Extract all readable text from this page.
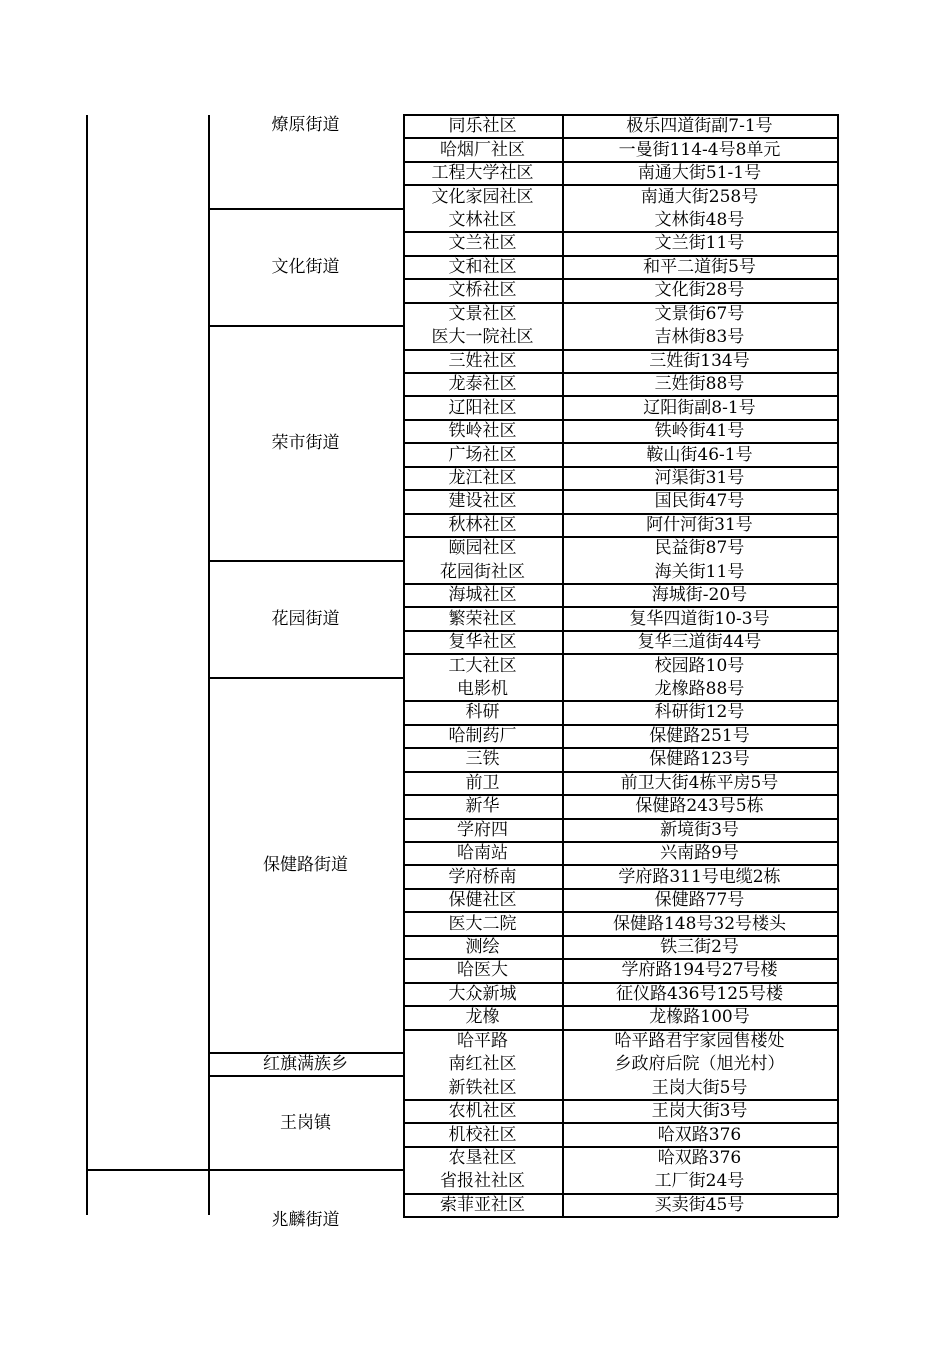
燎原街道	同乐社区	极乐四道街副7-1号
哈烟厂社区	一曼街114-4号8单元
工程大学社区	南通大街51-1号
文化家园社区	南通大街258号
文化街道
文林社区	文林街48号
文兰社区	文兰街11号
文和社区	和平二道街5号
文桥社区	文化街28号
文景社区	文景街67号
荣市街道
医大一院社区	吉林街83号
三姓社区	三姓街134号
龙泰社区	三姓街88号
辽阳社区	辽阳街副8-1号
铁岭社区	铁岭街41号
广场社区	鞍山街46-1号
龙江社区	河渠街31号
建设社区	国民街47号
秋林社区	阿什河街31号
颐园社区	民益街87号
花园街道
花园街社区	海关街11号
海城社区	海城街-20号
繁荣社区	复华四道街10-3号
复华社区	复华三道街44号
工大社区	校园路10号
保健路街道
电影机	龙橡路88号
科研	科研街12号
哈制药厂	保健路251号
三铁	保健路123号
前卫	前卫大街4栋平房5号
新华	保健路243号5栋
学府四	新境街3号
哈南站	兴南路9号
学府桥南	学府路311号电缆2栋
保健社区	保健路77号
医大二院	保健路148号32号楼头
测绘	铁三街2号
哈医大	学府路194号27号楼
大众新城	征仪路436号125号楼
龙橡	龙橡路100号
哈平路	哈平路君宇家园售楼处
红旗满族乡	南红社区	乡政府后院（旭光村）
王岗镇
新铁社区	王岗大街5号
农机社区	王岗大街3号
机校社区	哈双路376
农垦社区	哈双路376
兆麟街道
省报社社区	工厂街24号
索菲亚社区	买卖街45号
